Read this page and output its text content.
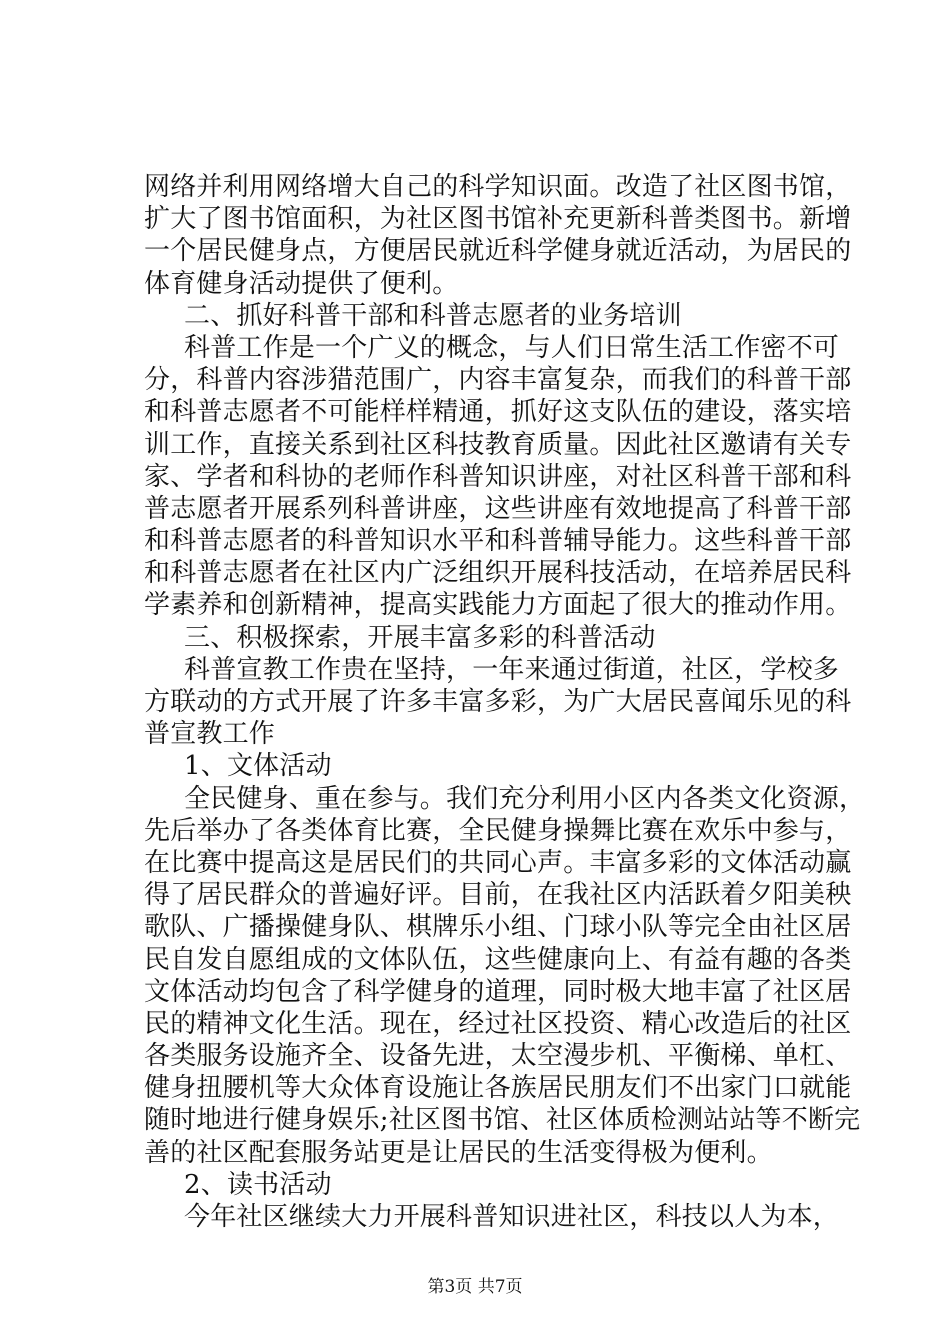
网络并利用网络增大自己的科学知识面。改造了社区图书馆，
扩大了图书馆面积，为社区图书馆补充更新科普类图书。新增
一个居民健身点，方便居民就近科学健身就近活动，为居民的
体育健身活动提供了便利。
二、抓好科普干部和科普志愿者的业务培训
科普工作是一个广义的概念，与人们日常生活工作密不可
分，科普内容涉猎范围广，内容丰富复杂，而我们的科普干部
和科普志愿者不可能样样精通，抓好这支队伍的建设，落实培
训工作，直接关系到社区科技教育质量。因此社区邀请有关专
家、学者和科协的老师作科普知识讲座，对社区科普干部和科
普志愿者开展系列科普讲座，这些讲座有效地提高了科普干部
和科普志愿者的科普知识水平和科普辅导能力。这些科普干部
和科普志愿者在社区内广泛组织开展科技活动，在培养居民科
学素养和创新精神，提高实践能力方面起了很大的推动作用。
三、积极探索，开展丰富多彩的科普活动
科普宣教工作贵在坚持，一年来通过街道，社区，学校多
方联动的方式开展了许多丰富多彩，为广大居民喜闻乐见的科
普宣教工作
1、文体活动
全民健身、重在参与。我们充分利用小区内各类文化资源，
先后举办了各类体育比赛，全民健身操舞比赛在欢乐中参与，
在比赛中提高这是居民们的共同心声。丰富多彩的文体活动赢
得了居民群众的普遍好评。目前，在我社区内活跃着夕阳美秧
歌队、广播操健身队、棋牌乐小组、门球小队等完全由社区居
民自发自愿组成的文体队伍，这些健康向上、有益有趣的各类
文体活动均包含了科学健身的道理，同时极大地丰富了社区居
民的精神文化生活。现在，经过社区投资、精心改造后的社区
各类服务设施齐全、设备先进，太空漫步机、平衡梯、单杠、
健身扭腰机等大众体育设施让各族居民朋友们不出家门口就能
随时地进行健身娱乐;社区图书馆、社区体质检测站站等不断完
善的社区配套服务站更是让居民的生活变得极为便利。
2、读书活动
今年社区继续大力开展科普知识进社区，科技以人为本，
第3页 共7页
